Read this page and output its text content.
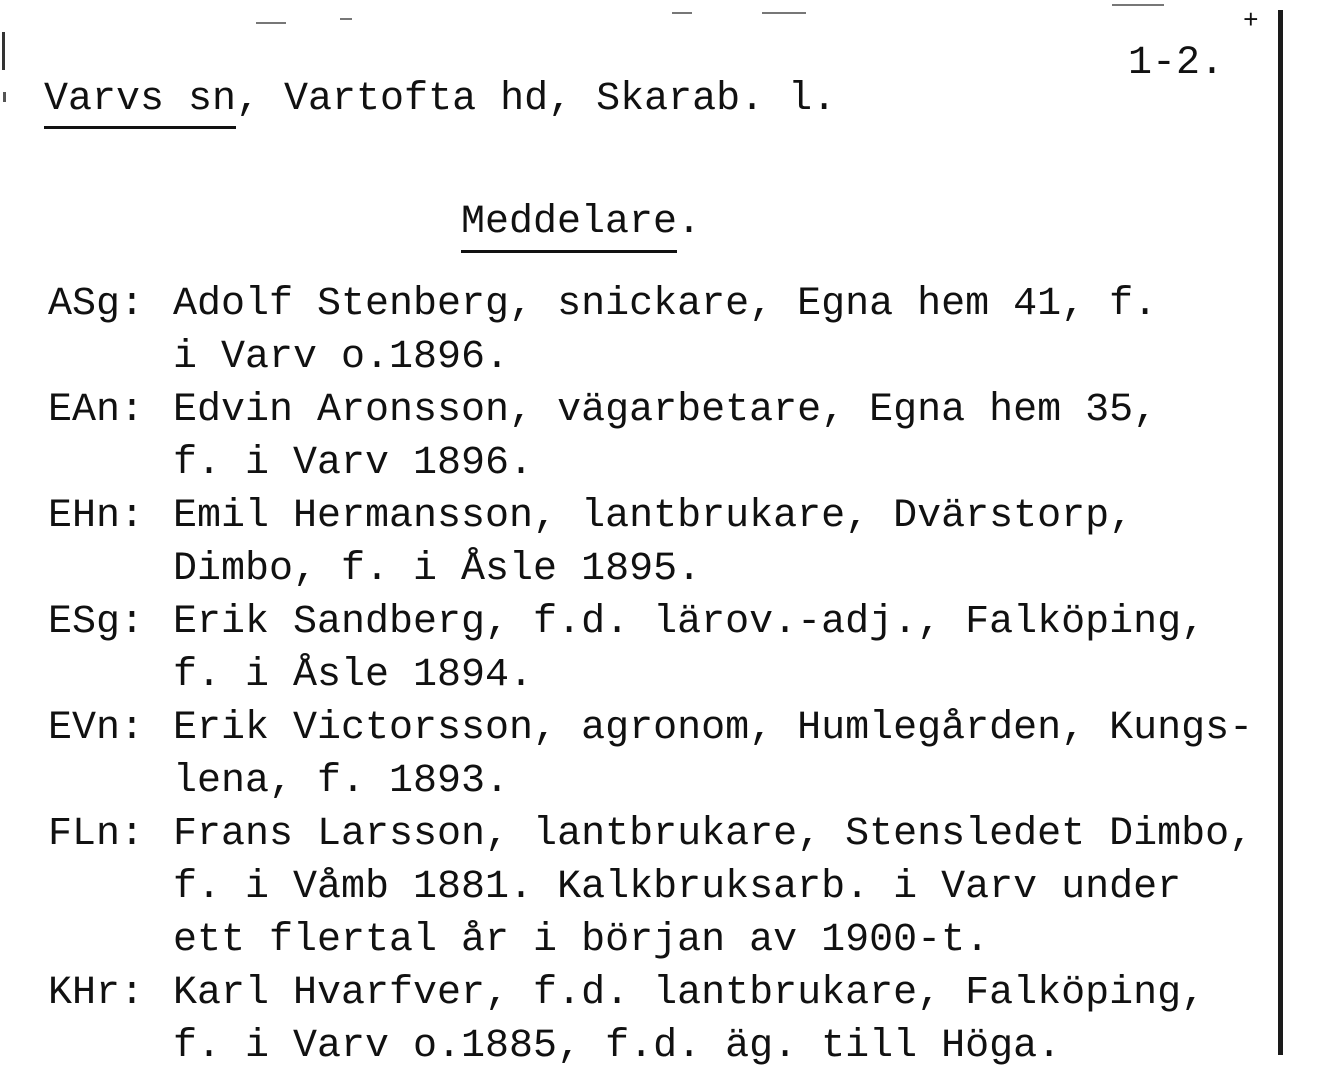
+
1-2.
Varvs sn, Vartofta hd, Skarab. l.
Meddelare.
ASg: Adolf Stenberg, snickare, Egna hem 41, f.
i Varv o.1896.
EAn: Edvin Aronsson, vägarbetare, Egna hem 35,
f. i Varv 1896.
EHn: Emil Hermansson, lantbrukare, Dvärstorp,
Dimbo, f. i Åsle 1895.
ESg: Erik Sandberg, f.d. lärov.-adj., Falköping,
f. i Åsle 1894.
EVn: Erik Victorsson, agronom, Humlegården, Kungs-
lena, f. 1893.
FLn: Frans Larsson, lantbrukare, Stensledet Dimbo,
f. i Våmb 1881. Kalkbruksarb. i Varv under
ett flertal år i början av 1900-t.
KHr: Karl Hvarfver, f.d. lantbrukare, Falköping,
f. i Varv o.1885, f.d. äg. till Höga.
